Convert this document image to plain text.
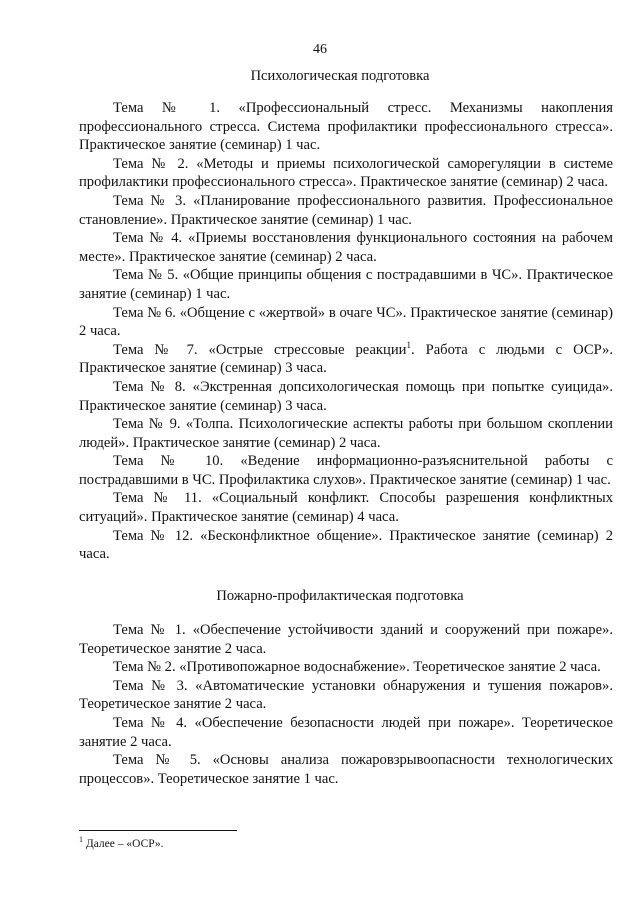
46
Психологическая подготовка

Тема № 1. «Профессиональный стресс. Механизмы накопления профессионального стресса. Система профилактики профессионального стресса». Практическое занятие (семинар) 1 час.

Тема № 2. «Методы и приемы психологической саморегуляции в системе профилактики профессионального стресса». Практическое занятие (семинар) 2 часа.

Тема № 3. «Планирование профессионального развития. Профессиональное становление». Практическое занятие (семинар) 1 час.

Тема № 4. «Приемы восстановления функционального состояния на рабочем месте». Практическое занятие (семинар) 2 часа.

Тема № 5. «Общие принципы общения с пострадавшими в ЧС». Практическое занятие (семинар) 1 час.

Тема № 6. «Общение с «жертвой» в очаге ЧС». Практическое занятие (семинар) 2 часа.

Тема № 7. «Острые стрессовые реакции$^1$. Работа с людьми с ОСР». Практическое занятие (семинар) 3 часа.

Тема № 8. «Экстренная допсихологическая помощь при попытке суицида». Практическое занятие (семинар) 3 часа.

Тема № 9. «Толпа. Психологические аспекты работы при большом скоплении людей». Практическое занятие (семинар) 2 часа.

Тема № 10. «Ведение информационно-разъяснительной работы с пострадавшими в ЧС. Профилактика слухов». Практическое занятие (семинар) 1 час.

Тема № 11. «Социальный конфликт. Способы разрешения конфликтных ситуаций». Практическое занятие (семинар) 4 часа.

Тема № 12. «Бесконфликтное общение». Практическое занятие (семинар) 2 часа.

Пожарно-профилактическая подготовка

Тема № 1. «Обеспечение устойчивости зданий и сооружений при пожаре». Теоретическое занятие 2 часа.

Тема № 2. «Противопожарное водоснабжение». Теоретическое занятие 2 часа.

Тема № 3. «Автоматические установки обнаружения и тушения пожаров». Теоретическое занятие 2 часа.

Тема № 4. «Обеспечение безопасности людей при пожаре». Теоретическое занятие 2 часа.

Тема № 5. «Основы анализа пожаровзрывоопасности технологических процессов». Теоретическое занятие 1 час.

$^1$ Далее – «ОСР».
